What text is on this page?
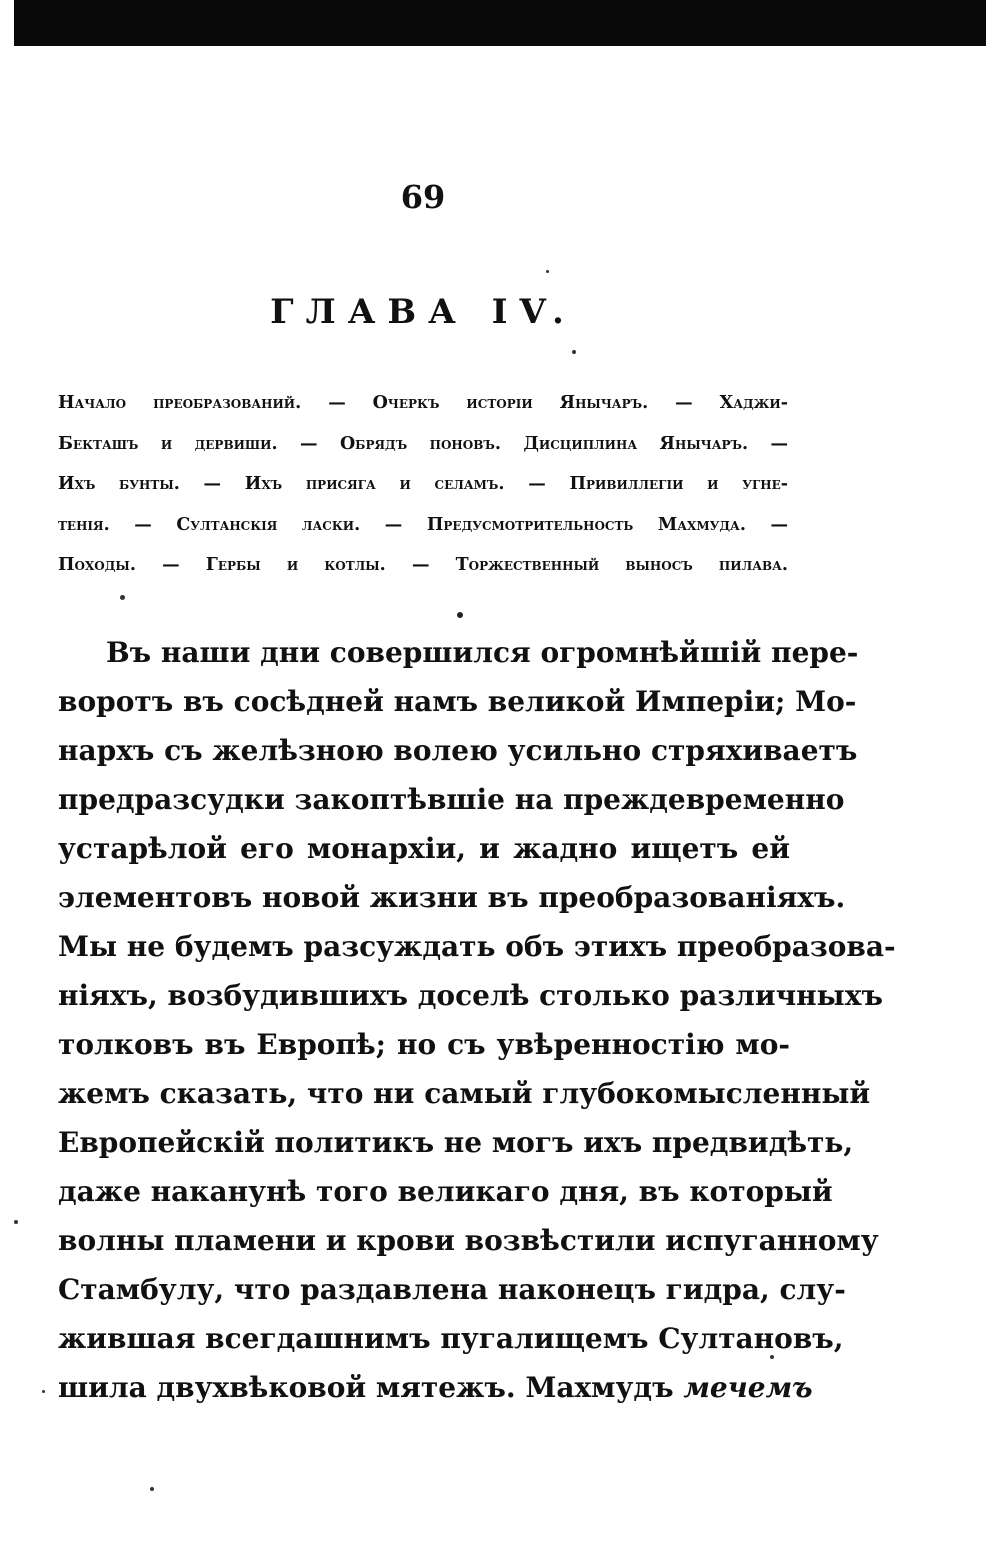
69
ГЛАВА IV.
Начало преобразований. — Очеркъ исторіи Янычаръ. — Хаджи-
Бекташъ и дервиши. — Обрядъ поновъ. Дисциплина Янычаръ. —
Ихъ бунты. — Ихъ присяга и селамъ. — Привиллегіи и угне-
тенія. — Султанскія ласки. — Предусмотрительность Махмуда. —
Походы. — Гербы и котлы. — Торжественный выносъ пилава.
Въ наши дни совершился огромнѣйшій пере-
воротъ въ сосѣдней намъ великой Имперіи; Мо-
нархъ съ желѣзною волею усильно стряхиваетъ
предразсудки закоптѣвшіе на преждевременно
устарѣлой его монархіи, и жадно ищетъ ей
элементовъ новой жизни въ преобразованіяхъ.
Мы не будемъ разсуждать объ этихъ преобразова-
ніяхъ, возбудившихъ доселѣ столько различныхъ
толковъ въ Европѣ; но съ увѣренностію мо-
жемъ сказать, что ни самый глубокомысленный
Европейскій политикъ не могъ ихъ предвидѣть,
даже наканунѣ того великаго дня, въ который
волны пламени и крови возвѣстили испуганному
Стамбулу, что раздавлена наконецъ гидра, слу-
жившая всегдашнимъ пугалищемъ Султановъ,
шила двухвѣковой мятежъ. Махмудъ мечемъ
